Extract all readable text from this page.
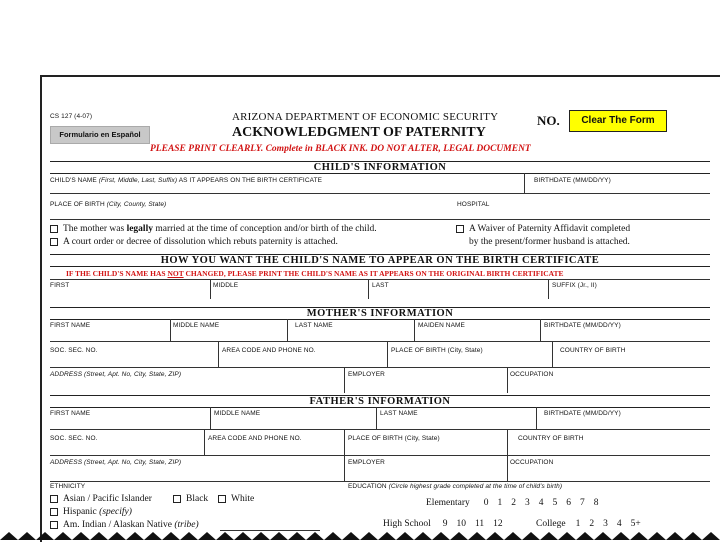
CS 127 (4-07)
Formulario en Español
ARIZONA DEPARTMENT OF ECONOMIC SECURITY
ACKNOWLEDGMENT OF PATERNITY
NO.	Clear The Form
PLEASE PRINT CLEARLY. Complete in BLACK INK. DO NOT ALTER, LEGAL DOCUMENT
CHILD'S INFORMATION
CHILD'S NAME (First, Middle, Last, Suffix) AS IT APPEARS ON THE BIRTH CERTIFICATE	BIRTHDATE (MM/DD/YY)
PLACE OF BIRTH (City, County, State)	HOSPITAL
The mother was legally married at the time of conception and/or birth of the child.
A court order or decree of dissolution which rebuts paternity is attached.
A Waiver of Paternity Affidavit completed
by the present/former husband is attached.
HOW YOU WANT THE CHILD'S NAME TO APPEAR ON THE BIRTH CERTIFICATE
IF THE CHILD'S NAME HAS NOT CHANGED, PLEASE PRINT THE CHILD'S NAME AS IT APPEARS ON THE ORIGINAL BIRTH CERTIFICATE
FIRST	MIDDLE	LAST	SUFFIX (Jr., II)
MOTHER'S INFORMATION
FIRST NAME	MIDDLE NAME	LAST NAME	MAIDEN NAME	BIRTHDATE (MM/DD/YY)
SOC. SEC. NO.	AREA CODE AND PHONE NO.	PLACE OF BIRTH (City, State)	COUNTRY OF BIRTH
ADDRESS (Street, Apt. No, City, State, ZIP)	EMPLOYER	OCCUPATION
FATHER'S INFORMATION
FIRST NAME	MIDDLE NAME	LAST NAME	BIRTHDATE (MM/DD/YY)
SOC. SEC. NO.	AREA CODE AND PHONE NO.	PLACE OF BIRTH (City, State)	COUNTRY OF BIRTH
ADDRESS (Street, Apt. No, City, State, ZIP)	EMPLOYER	OCCUPATION
ETHNICITY
Asian / Pacific Islander	Black	White
Hispanic (specify)
Am. Indian / Alaskan Native (tribe)
EDUCATION (Circle highest grade completed at the time of child's birth)
Elementary 0 1 2 3 4 5 6 7 8
High School 9 10 11 12	College 1 2 3 4 5+
